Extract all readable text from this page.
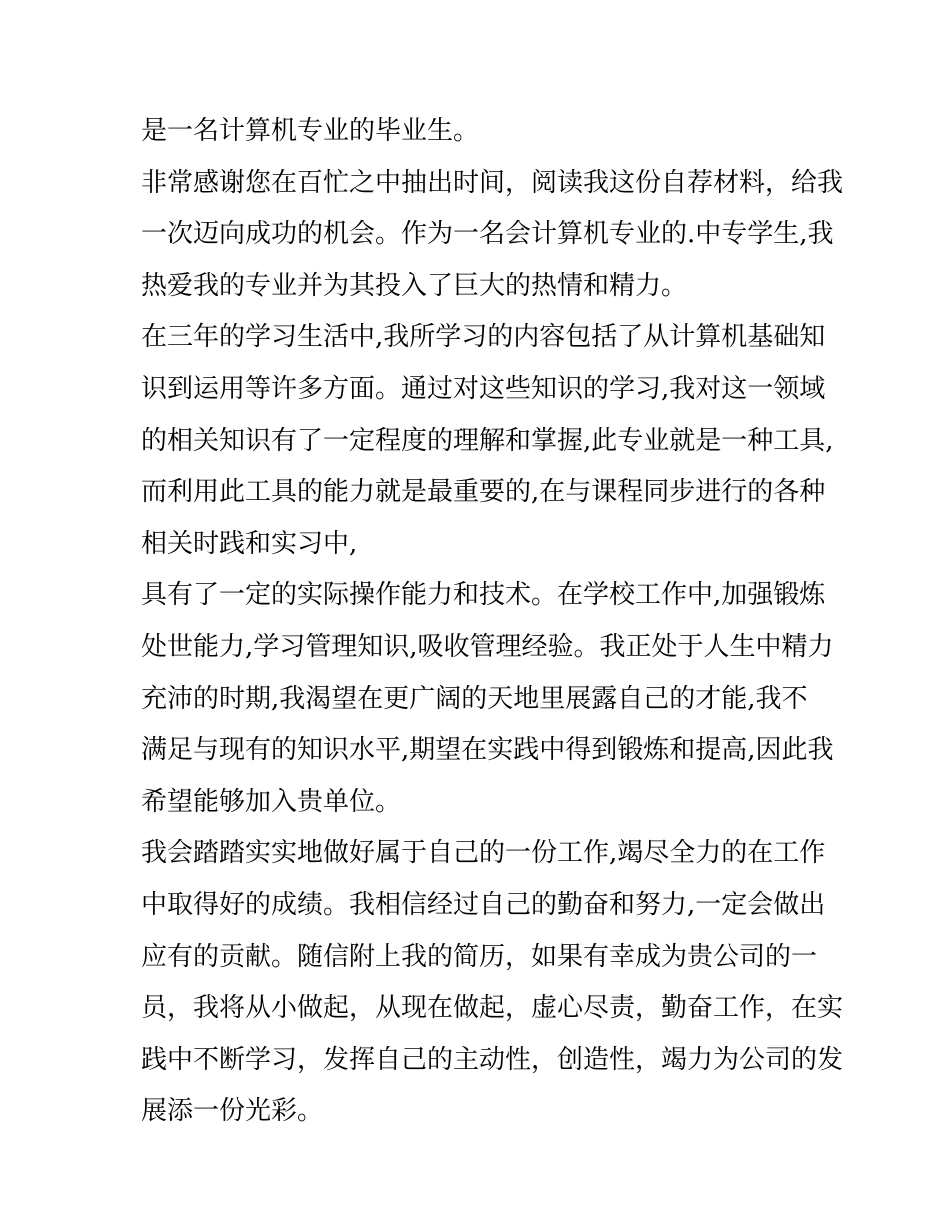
是一名计算机专业的毕业生。
非常感谢您在百忙之中抽出时间，阅读我这份自荐材料，给我
一次迈向成功的机会。作为一名会计算机专业的.中专学生,我
热爱我的专业并为其投入了巨大的热情和精力。
在三年的学习生活中,我所学习的内容包括了从计算机基础知
识到运用等许多方面。通过对这些知识的学习,我对这一领域
的相关知识有了一定程度的理解和掌握,此专业就是一种工具,
而利用此工具的能力就是最重要的,在与课程同步进行的各种
相关时践和实习中,
具有了一定的实际操作能力和技术。在学校工作中,加强锻炼
处世能力,学习管理知识,吸收管理经验。我正处于人生中精力
充沛的时期,我渴望在更广阔的天地里展露自己的才能,我不
满足与现有的知识水平,期望在实践中得到锻炼和提高,因此我
希望能够加入贵单位。
我会踏踏实实地做好属于自己的一份工作,竭尽全力的在工作
中取得好的成绩。我相信经过自己的勤奋和努力,一定会做出
应有的贡献。随信附上我的简历，如果有幸成为贵公司的一
员，我将从小做起，从现在做起，虚心尽责，勤奋工作，在实
践中不断学习，发挥自己的主动性，创造性，竭力为公司的发
展添一份光彩。
